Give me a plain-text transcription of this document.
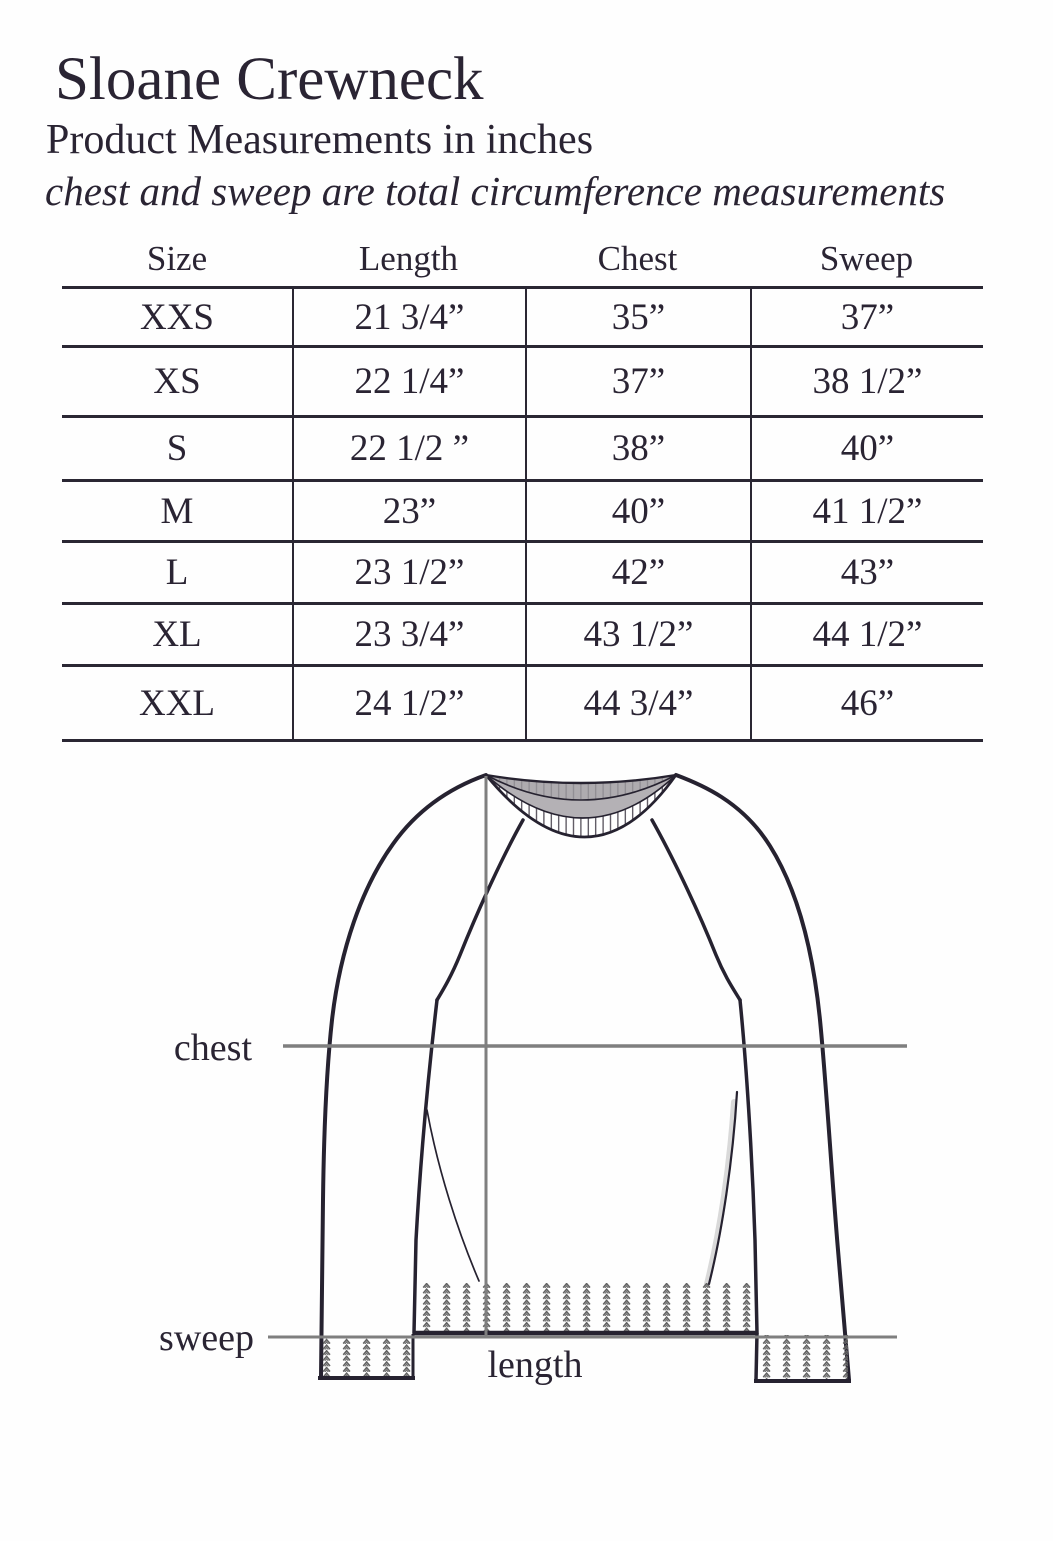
Sloane Crewneck
Product Measurements in inches
chest and sweep are total circumference measurements
Size	Length	Chest	Sweep
XXS	21 3/4”	35”	37”
XS	22 1/4”	37”	38 1/2”
S	22 1/2 ”	38”	40”
M	23”	40”	41 1/2”
L	23 1/2”	42”	43”
XL	23 3/4”	43 1/2”	44 1/2”
XXL	24 1/2”	44 3/4”	46”
chest
sweep
length
